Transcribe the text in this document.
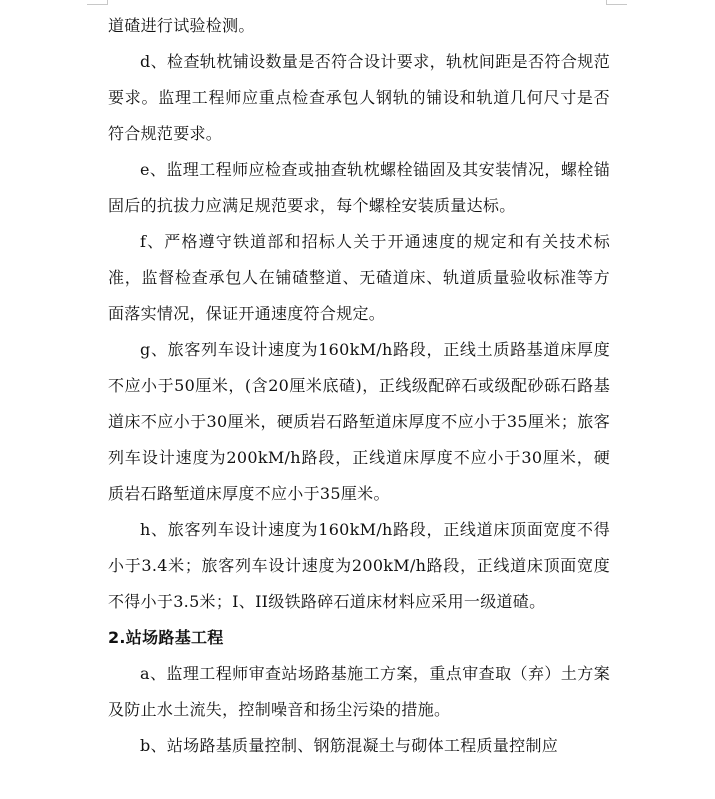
道碴进行试验检测。

d、检查轨枕铺设数量是否符合设计要求，轨枕间距是否符合规范要求。监理工程师应重点检查承包人钢轨的铺设和轨道几何尺寸是否符合规范要求。

e、监理工程师应检查或抽查轨枕螺栓锚固及其安装情况，螺栓锚固后的抗拔力应满足规范要求，每个螺栓安装质量达标。

f、严格遵守铁道部和招标人关于开通速度的规定和有关技术标准，监督检查承包人在铺碴整道、无碴道床、轨道质量验收标准等方面落实情况，保证开通速度符合规定。

g、旅客列车设计速度为160kM/h路段，正线土质路基道床厚度不应小于50厘米，(含20厘米底碴)，正线级配碎石或级配砂砾石路基道床不应小于30厘米，硬质岩石路堑道床厚度不应小于35厘米；旅客列车设计速度为200kM/h路段，正线道床厚度不应小于30厘米，硬质岩石路堑道床厚度不应小于35厘米。

h、旅客列车设计速度为160kM/h路段，正线道床顶面宽度不得小于3.4米；旅客列车设计速度为200kM/h路段，正线道床顶面宽度不得小于3.5米；I、II级铁路碎石道床材料应采用一级道碴。

2.站场路基工程

a、监理工程师审查站场路基施工方案，重点审查取（弃）土方案及防止水土流失，控制噪音和扬尘污染的措施。

b、站场路基质量控制、钢筋混凝土与砌体工程质量控制应
